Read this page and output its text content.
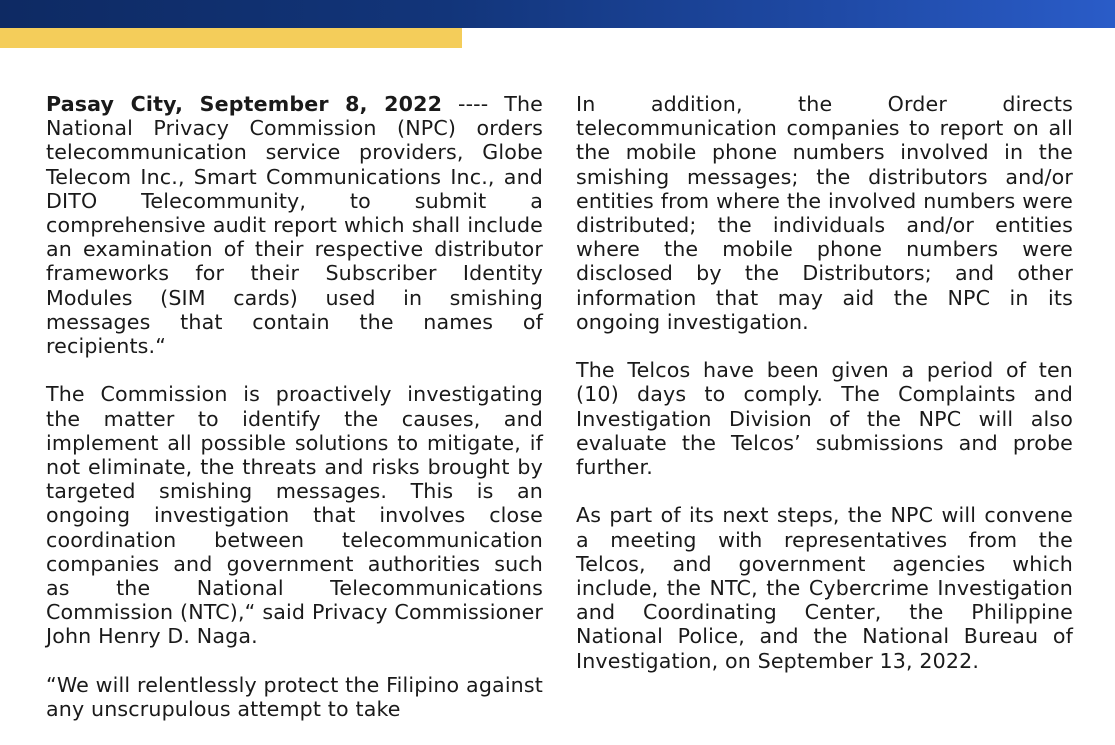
Pasay City, September 8, 2022 ---- The National Privacy Commission (NPC) orders telecommunication service providers, Globe Telecom Inc., Smart Communications Inc., and DITO Telecommunity, to submit a comprehensive audit report which shall include an examination of their respective distributor frameworks for their Subscriber Identity Modules (SIM cards) used in smishing messages that contain the names of recipients.“

The Commission is proactively investigating the matter to identify the causes, and implement all possible solutions to mitigate, if not eliminate, the threats and risks brought by targeted smishing messages. This is an ongoing investigation that involves close coordination between telecommunication companies and government authorities such as the National Telecommunications Commission (NTC),“ said Privacy Commissioner John Henry D. Naga.

“We will relentlessly protect the Filipino against any unscrupulous attempt to take

In addition, the Order directs telecommunication companies to report on all the mobile phone numbers involved in the smishing messages; the distributors and/or entities from where the involved numbers were distributed; the individuals and/or entities where the mobile phone numbers were disclosed by the Distributors; and other information that may aid the NPC in its ongoing investigation.

The Telcos have been given a period of ten (10) days to comply. The Complaints and Investigation Division of the NPC will also evaluate the Telcos’ submissions and probe further.

As part of its next steps, the NPC will convene a meeting with representatives from the Telcos, and government agencies which include, the NTC, the Cybercrime Investigation and Coordinating Center, the Philippine National Police, and the National Bureau of Investigation, on September 13, 2022.
